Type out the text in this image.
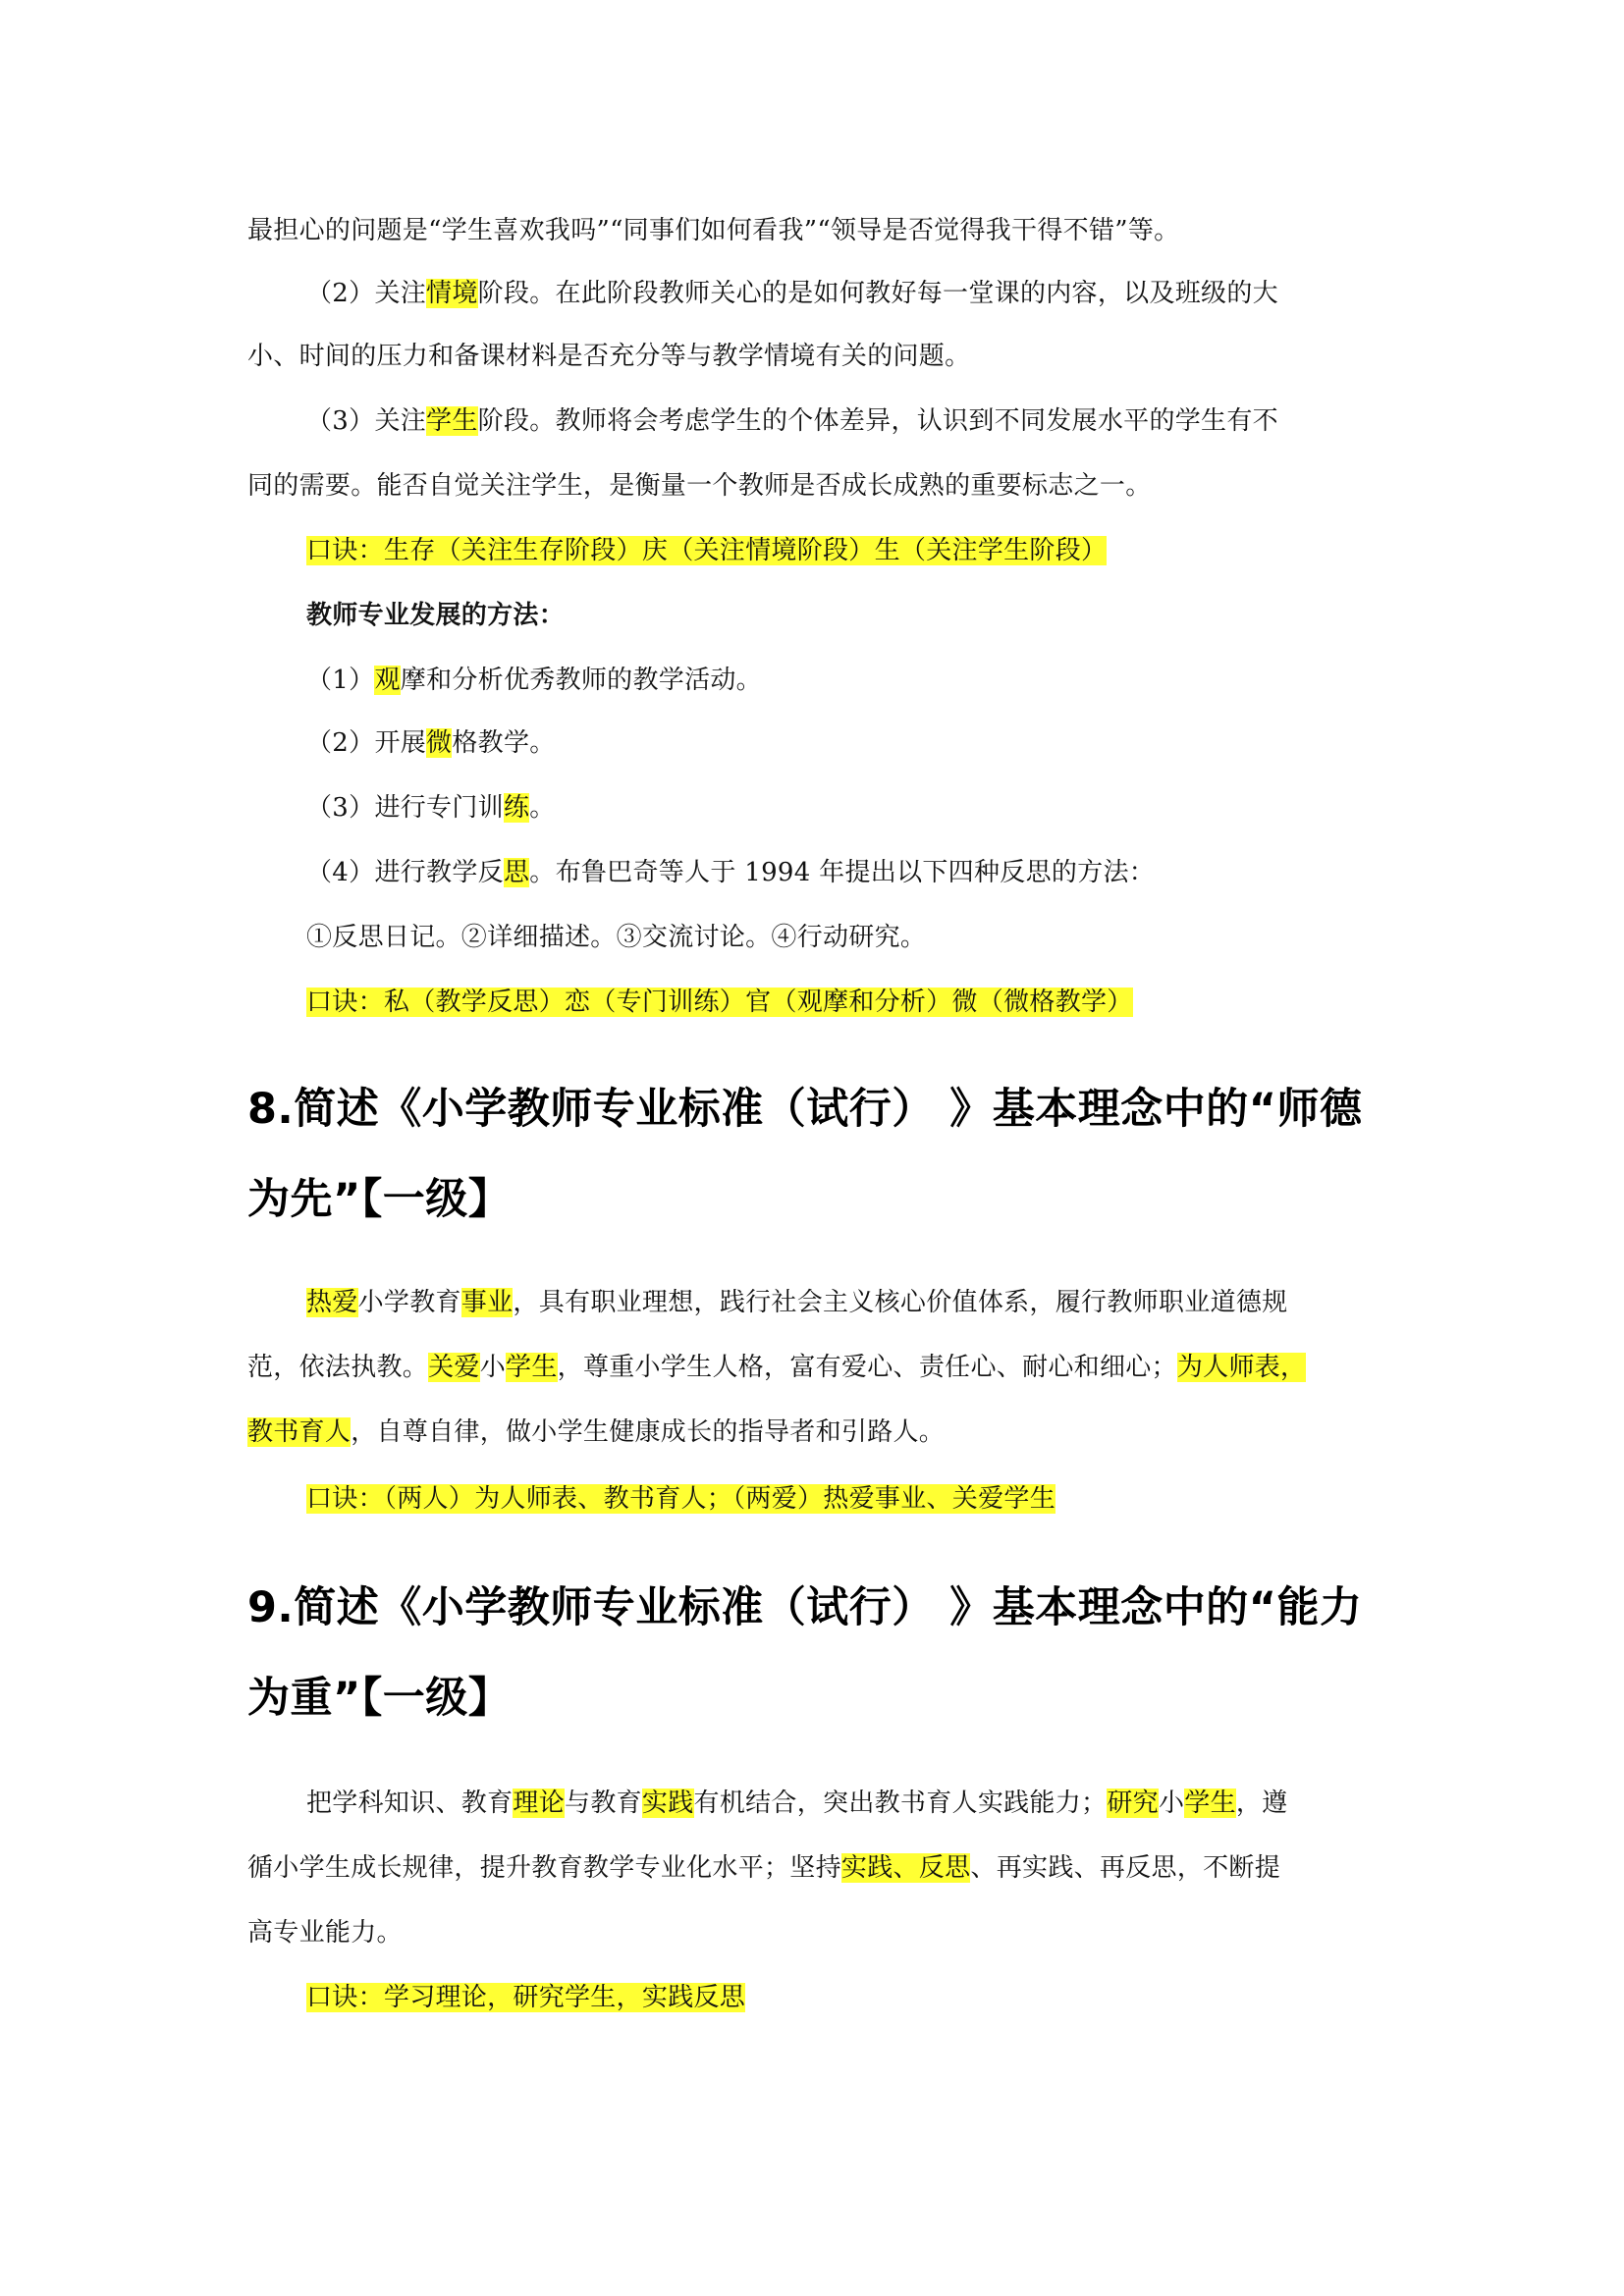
最担心的问题是“学生喜欢我吗”“同事们如何看我”“领导是否觉得我干得不错”等。
（2）关注情境阶段。在此阶段教师关心的是如何教好每一堂课的内容，以及班级的大
小、时间的压力和备课材料是否充分等与教学情境有关的问题。
（3）关注学生阶段。教师将会考虑学生的个体差异，认识到不同发展水平的学生有不
同的需要。能否自觉关注学生，是衡量一个教师是否成长成熟的重要标志之一。
口诀：生存（关注生存阶段）庆（关注情境阶段）生（关注学生阶段）
教师专业发展的方法：
（1）观摩和分析优秀教师的教学活动。
（2）开展微格教学。
（3）进行专门训练。
（4）进行教学反思。布鲁巴奇等人于 1994 年提出以下四种反思的方法：
①反思日记。②详细描述。③交流讨论。④行动研究。
口诀：私（教学反思）恋（专门训练）官（观摩和分析）微（微格教学）
8.简述《小学教师专业标准（试行） 》基本理念中的“师德
为先”【一级】
热爱小学教育事业，具有职业理想，践行社会主义核心价值体系，履行教师职业道德规
范，依法执教。关爱小学生，尊重小学生人格，富有爱心、责任心、耐心和细心；为人师表，
教书育人，自尊自律，做小学生健康成长的指导者和引路人。
口诀：（两人）为人师表、教书育人；（两爱）热爱事业、关爱学生
9.简述《小学教师专业标准（试行） 》基本理念中的“能力
为重”【一级】
把学科知识、教育理论与教育实践有机结合，突出教书育人实践能力；研究小学生，遵
循小学生成长规律，提升教育教学专业化水平；坚持实践、反思、再实践、再反思，不断提
高专业能力。
口诀：学习理论，研究学生，实践反思
